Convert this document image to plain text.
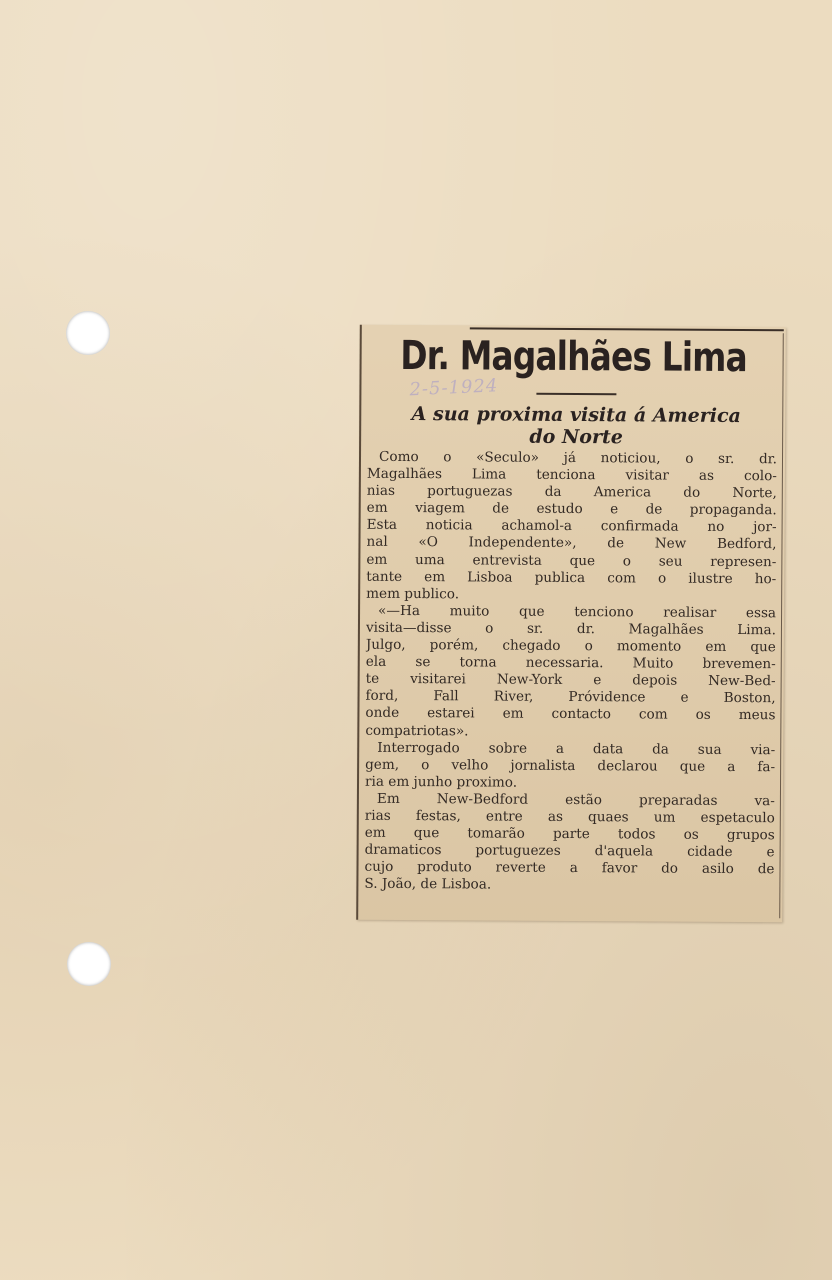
Dr. Magalhães Lima
2-5-1924
A sua proxima visita á America
do Norte
Como o «Seculo» já noticiou, o sr. dr.
Magalhães Lima tenciona visitar as colo-
nias portuguezas da America do Norte,
em viagem de estudo e de propaganda.
Esta noticia achamol-a confirmada no jor-
nal «O Independente», de New Bedford,
em uma entrevista que o seu represen-
tante em Lisboa publica com o ilustre ho-
mem publico.
«—Ha muito que tenciono realisar essa
visita—disse o sr. dr. Magalhães Lima.
Julgo, porém, chegado o momento em que
ela se torna necessaria. Muito brevemen-
te visitarei New-York e depois New-Bed-
ford, Fall River, Próvidence e Boston,
onde estarei em contacto com os meus
compatriotas».
Interrogado sobre a data da sua via-
gem, o velho jornalista declarou que a fa-
ria em junho proximo.
Em New-Bedford estão preparadas va-
rias festas, entre as quaes um espetaculo
em que tomarão parte todos os grupos
dramaticos portuguezes d'aquela cidade e
cujo produto reverte a favor do asilo de
S. João, de Lisboa.
